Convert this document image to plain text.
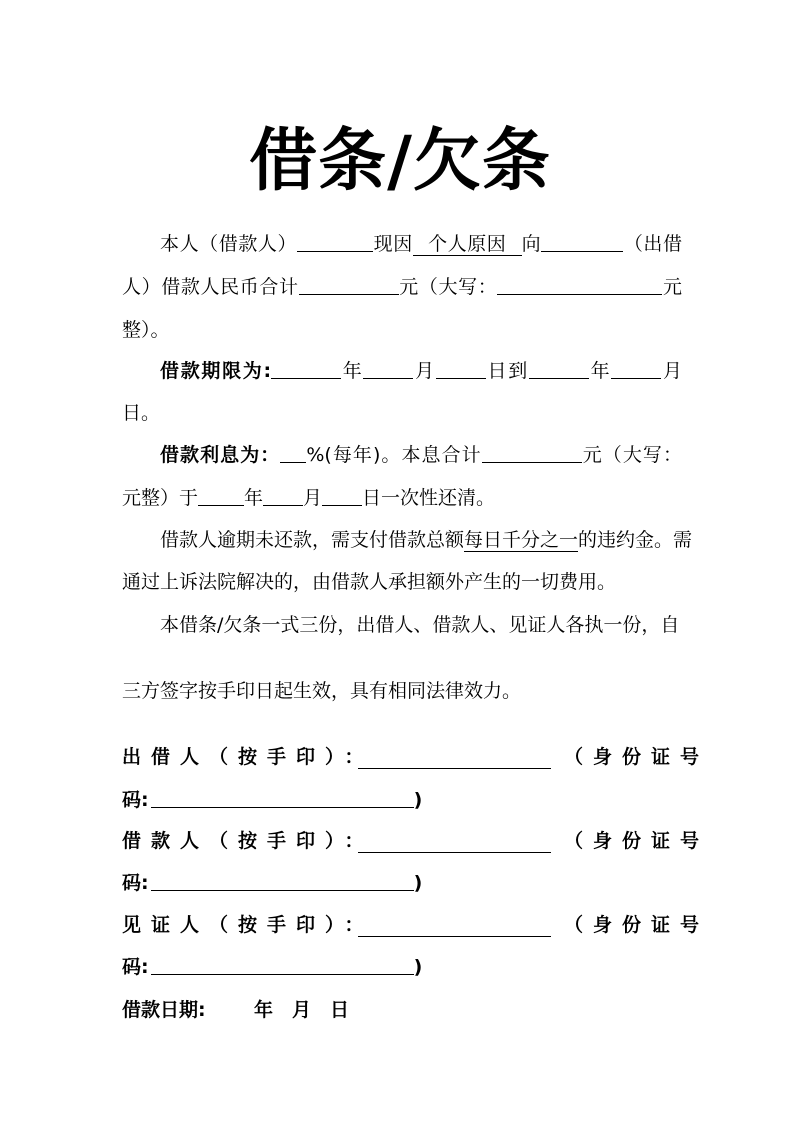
借条/欠条
本人（借款人）	现因 个人原因 向	（出借
人）借款人民币合计	元（大写：	元
整）。
借款期限为:	年	月	日到	年	月
日。
借款利息为： %(每年)。本息合计	元（大写：
元整）于 年 月 日一次性还清。
借款人逾期未还款，需支付借款总额每日千分之一的违约金。需
通过上诉法院解决的，由借款人承担额外产生的一切费用。
本借条/欠条一式三份，出借人、借款人、见证人各执一份，自
三方签字按手印日起生效，具有相同法律效力。
出借人（按手印）：	（身份证号
码:	)
借款人（按手印）：	（身份证号
码:	)
见证人（按手印）：	（身份证号
码:	)
借款日期:	年 月 日
